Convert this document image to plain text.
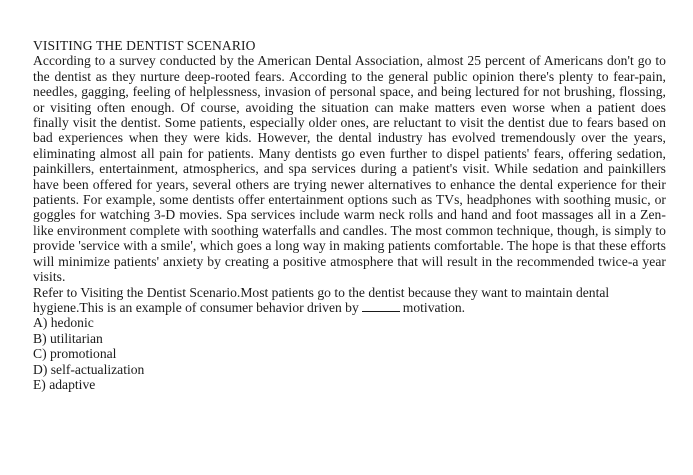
VISITING THE DENTIST SCENARIO

According to a survey conducted by the American Dental Association, almost 25 percent of Americans don't go to the dentist as they nurture deep-rooted fears. According to the general public opinion there's plenty to fear-pain, needles, gagging, feeling of helplessness, invasion of personal space, and being lectured for not brushing, flossing, or visiting often enough. Of course, avoiding the situation can make matters even worse when a patient does finally visit the dentist. Some patients, especially older ones, are reluctant to visit the dentist due to fears based on bad experiences when they were kids. However, the dental industry has evolved tremendously over the years, eliminating almost all pain for patients. Many dentists go even further to dispel patients' fears, offering sedation, painkillers, entertainment, atmospherics, and spa services during a patient's visit. While sedation and painkillers have been offered for years, several others are trying newer alternatives to enhance the dental experience for their patients. For example, some dentists offer entertainment options such as TVs, headphones with soothing music, or goggles for watching 3-D movies. Spa services include warm neck rolls and hand and foot massages all in a Zen-like environment complete with soothing waterfalls and candles. The most common technique, though, is simply to provide 'service with a smile', which goes a long way in making patients comfortable. The hope is that these efforts will minimize patients' anxiety by creating a positive atmosphere that will result in the recommended twice-a year visits.

Refer to Visiting the Dentist Scenario.Most patients go to the dentist because they want to maintain dental hygiene.This is an example of consumer behavior driven by	motivation.

A) hedonic
B) utilitarian
C) promotional
D) self-actualization
E) adaptive
